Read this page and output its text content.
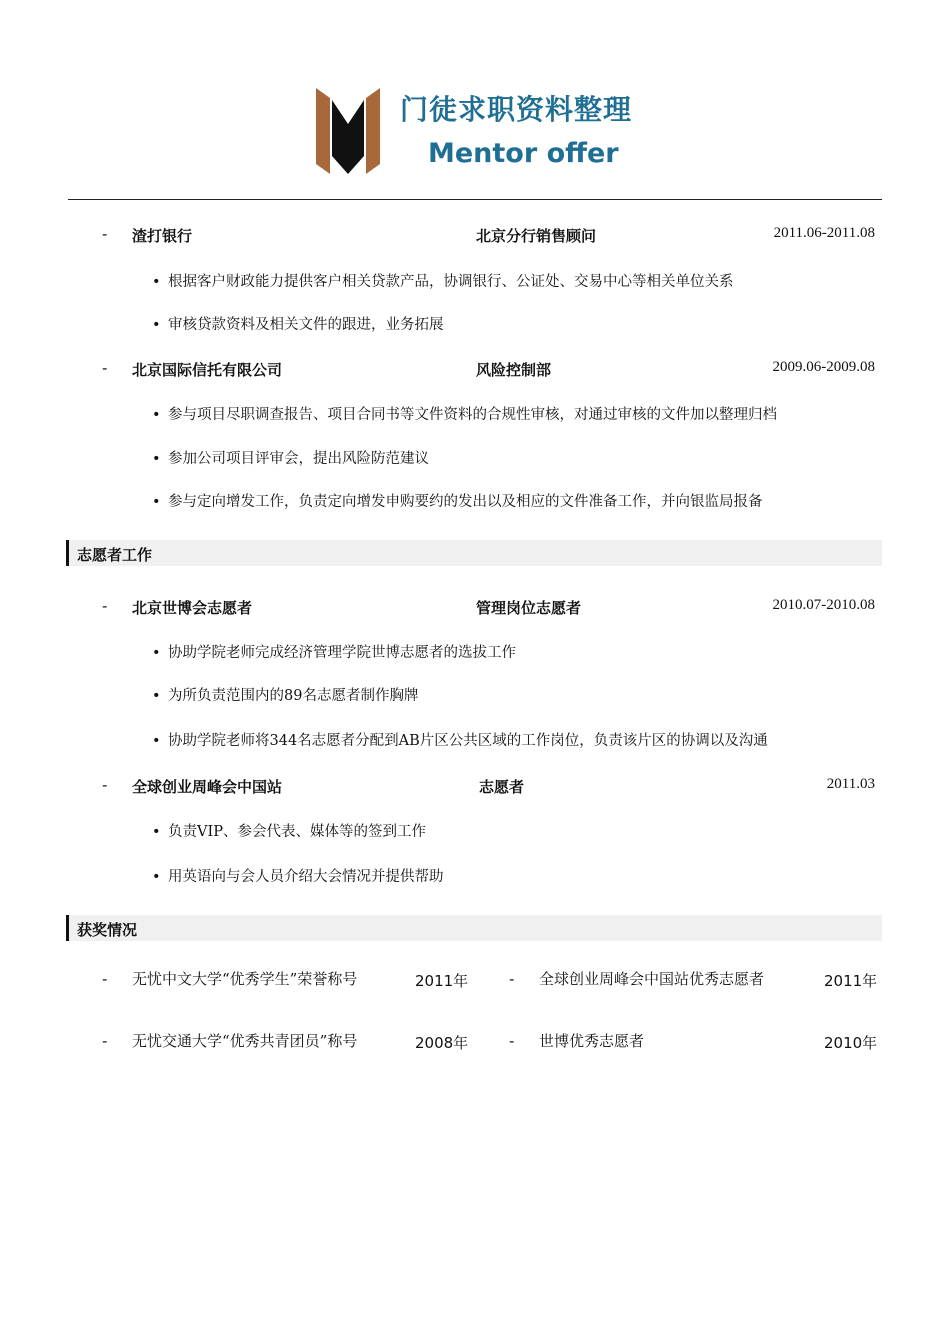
门徒求职资料整理
Mentor offer
- 渣打银行	北京分行销售顾问	2011.06-2011.08
• 根据客户财政能力提供客户相关贷款产品，协调银行、公证处、交易中心等相关单位关系
• 审核贷款资料及相关文件的跟进，业务拓展
- 北京国际信托有限公司	风险控制部	2009.06-2009.08
• 参与项目尽职调查报告、项目合同书等文件资料的合规性审核，对通过审核的文件加以整理归档
• 参加公司项目评审会，提出风险防范建议
• 参与定向增发工作，负责定向增发申购要约的发出以及相应的文件准备工作，并向银监局报备
志愿者工作
- 北京世博会志愿者	管理岗位志愿者	2010.07-2010.08
• 协助学院老师完成经济管理学院世博志愿者的选拔工作
• 为所负责范围内的89名志愿者制作胸牌
• 协助学院老师将344名志愿者分配到AB片区公共区域的工作岗位，负责该片区的协调以及沟通
- 全球创业周峰会中国站	志愿者	2011.03
• 负责VIP、参会代表、媒体等的签到工作
• 用英语向与会人员介绍大会情况并提供帮助
获奖情况
- 无忧中文大学“优秀学生”荣誉称号	2011年	- 全球创业周峰会中国站优秀志愿者	2011年
- 无忧交通大学“优秀共青团员”称号	2008年	- 世博优秀志愿者	2010年
